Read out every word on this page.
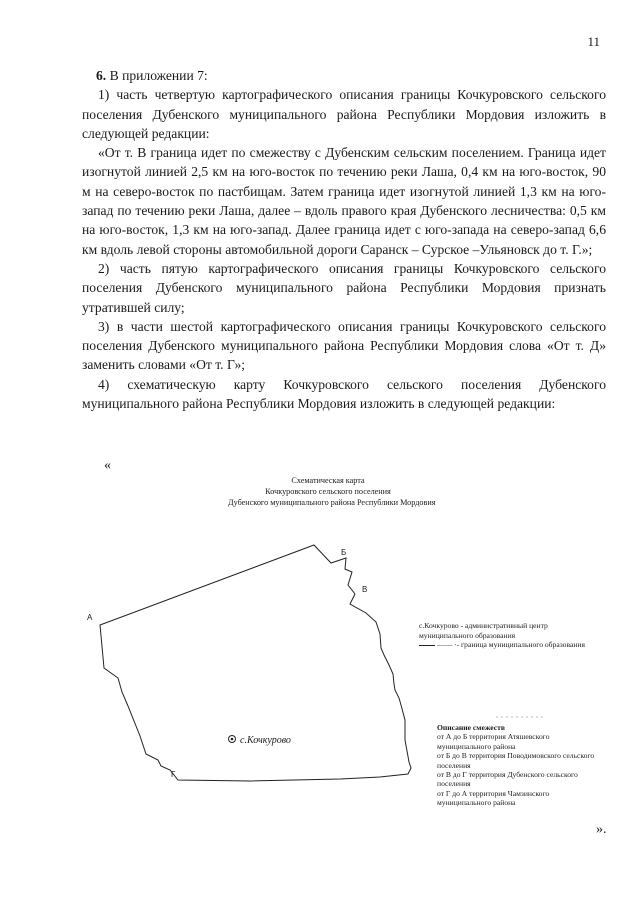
11

6. В приложении 7:

1) часть четвертую картографического описания границы Кочкуровского сельского поселения Дубенского муниципального района Республики Мордовия изложить в следующей редакции:

«От т. В граница идет по смежеству с Дубенским сельским поселением. Граница идет изогнутой линией 2,5 км на юго-восток по течению реки Лаша, 0,4 км на юго-восток, 90 м на северо-восток по пастбищам. Затем граница идет изогнутой линией 1,3 км на юго-запад по течению реки Лаша, далее – вдоль правого края Дубенского лесничества: 0,5 км на юго-восток, 1,3 км на юго-запад. Далее граница идет с юго-запада на северо-запад 6,6 км вдоль левой стороны автомобильной дороги Саранск – Сурское –Ульяновск до т. Г.»;

2) часть пятую картографического описания границы Кочкуровского сельского поселения Дубенского муниципального района Республики Мордовия признать утратившей силу;

3) в части шестой картографического описания границы Кочкуровского сельского поселения Дубенского муниципального района Республики Мордовия слова «От т. Д» заменить словами «От т. Г»;

4) схематическую карту Кочкуровского сельского поселения Дубенского муниципального района Республики Мордовия изложить в следующей редакции:

«
Схематическая карта
Кочкуровского сельского поселения
Дубенского муниципального района Республики Мордовия
А
Б
В
Г
с.Кочкурово
с.Кочкурово - административный центр муниципального образования
—— ·- граница муниципального образования
Описание смежеств
от А до Б территория Атяшевского муниципального района
от Б до В территория Поводимовского сельского поселения
от В до Г территория Дубенского сельского поселения
от Г до А территория Чамзинского муниципального района
».
